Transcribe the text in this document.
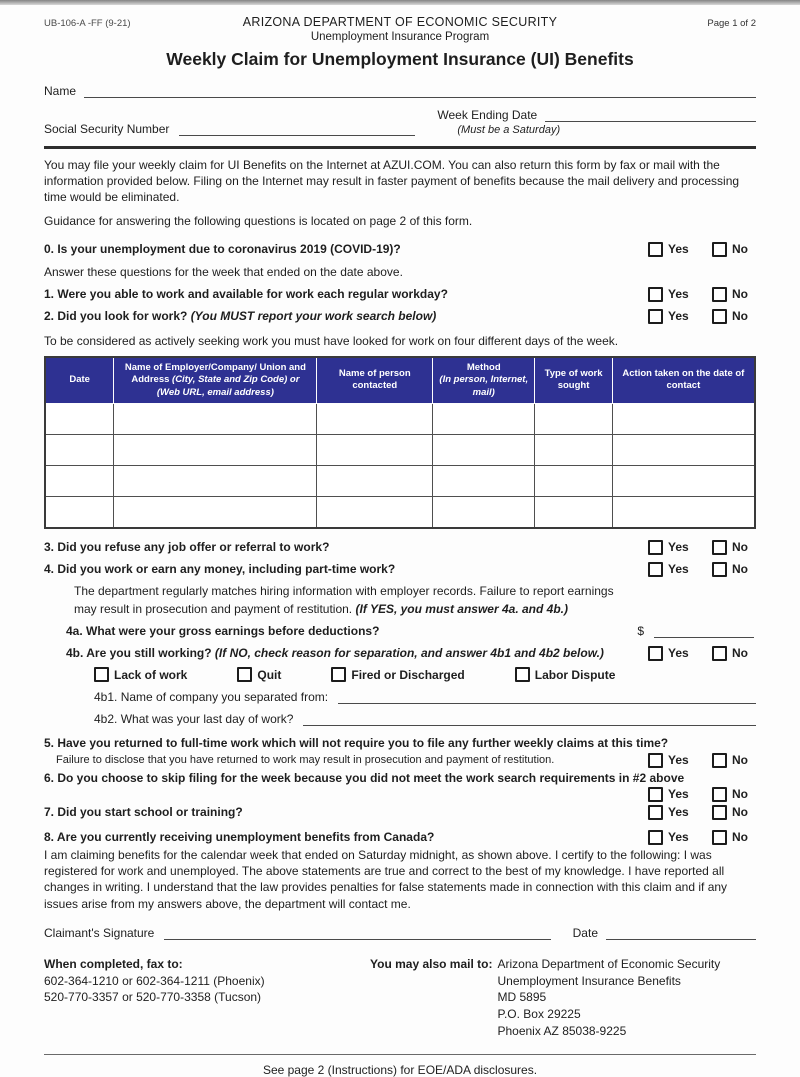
UB-106-A -FF (9-21)	ARIZONA DEPARTMENT OF ECONOMIC SECURITY
Unemployment Insurance Program
Page 1 of 2
Weekly Claim for Unemployment Insurance (UI) Benefits
Name
Social Security Number
Week Ending Date
(Must be a Saturday)

You may file your weekly claim for UI Benefits on the Internet at AZUI.COM. You can also return this form by fax or mail with the information provided below. Filing on the Internet may result in faster payment of benefits because the mail delivery and processing time would be eliminated.

Guidance for answering the following questions is located on page 2 of this form.

0. Is your unemployment due to coronavirus 2019 (COVID-19)?	Yes	No

Answer these questions for the week that ended on the date above.

1. Were you able to work and available for work each regular workday?	Yes	No
2. Did you look for work? (You MUST report your work search below)	Yes	No

To be considered as actively seeking work you must have looked for work on four different days of the week.

Date	Name of Employer/Company/ Union and Address (City, State and Zip Code) or (Web URL, email address)	Name of person contacted	Method
(In person, Internet, mail)	Type of work sought	Action taken on the date of contact

3. Did you refuse any job offer or referral to work?	Yes	No
4. Did you work or earn any money, including part-time work?	Yes	No

The department regularly matches hiring information with employer records. Failure to report earnings may result in prosecution and payment of restitution. (If YES, you must answer 4a. and 4b.)

4a. What were your gross earnings before deductions?	$
4b. Are you still working? (If NO, check reason for separation, and answer 4b1 and 4b2 below.)	Yes	No
Lack of work	Quit	Fired or Discharged	Labor Dispute
4b1. Name of company you separated from:
4b2. What was your last day of work?
5. Have you returned to full-time work which will not require you to file any further weekly claims at this time?
Failure to disclose that you have returned to work may result in prosecution and payment of restitution.	Yes	No
6. Do you choose to skip filing for the week because you did not meet the work search requirements in #2 above
Yes	No
7. Did you start school or training?	Yes	No
8. Are you currently receiving unemployment benefits from Canada?	Yes	No

I am claiming benefits for the calendar week that ended on Saturday midnight, as shown above. I certify to the following: I was registered for work and unemployed. The above statements are true and correct to the best of my knowledge. I have reported all changes in writing. I understand that the law provides penalties for false statements made in connection with this claim and if any issues arise from my answers above, the department will contact me.

Claimant's Signature	Date
When completed, fax to:
602-364-1210 or 602-364-1211 (Phoenix)
520-770-3357 or 520-770-3358 (Tucson)
You may also mail to: Arizona Department of Economic Security
Unemployment Insurance Benefits
MD 5895
P.O. Box 29225
Phoenix AZ 85038-9225
See page 2 (Instructions) for EOE/ADA disclosures.
